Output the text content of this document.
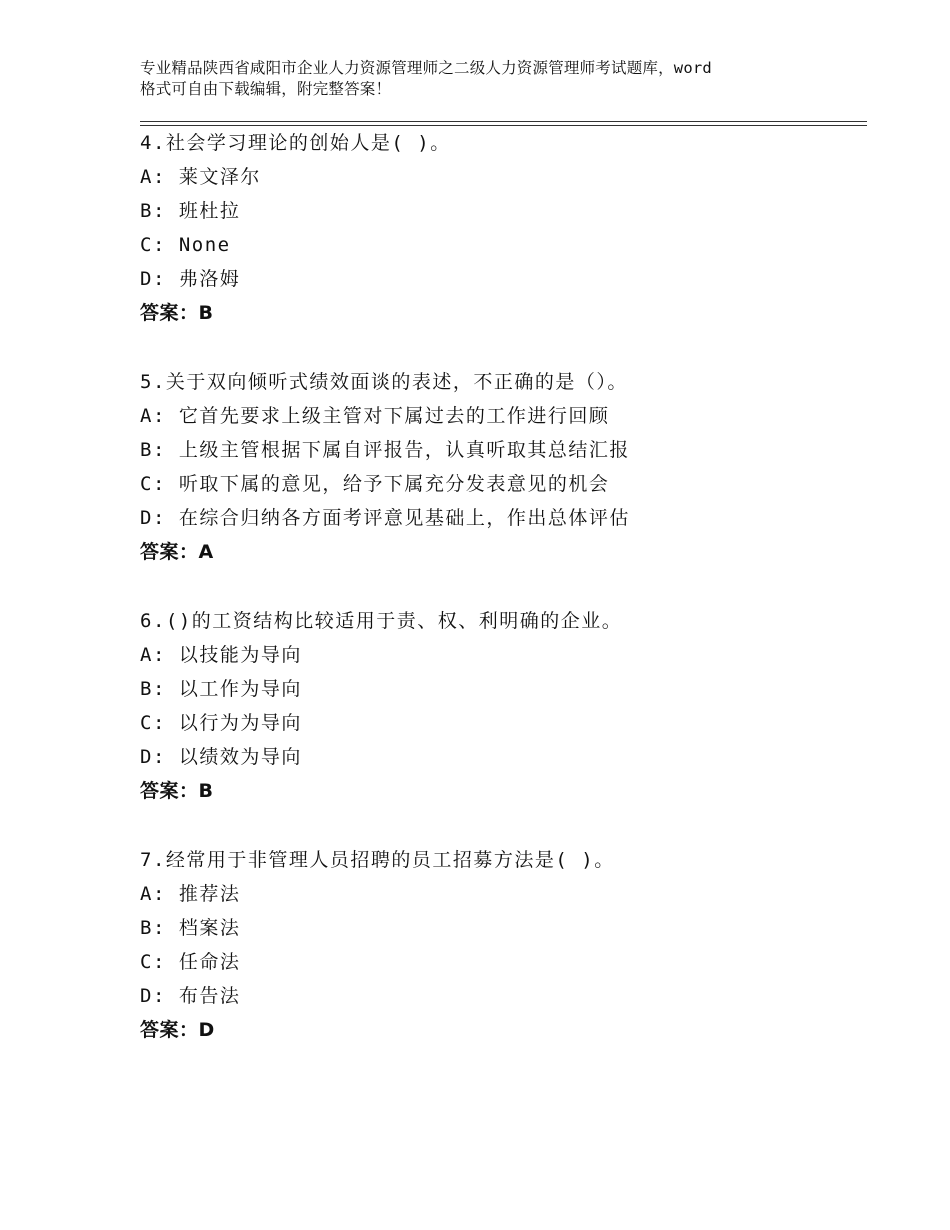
专业精品陕西省咸阳市企业人力资源管理师之二级人力资源管理师考试题库，word
格式可自由下载编辑，附完整答案！
4.社会学习理论的创始人是( )。
A: 莱文泽尔
B: 班杜拉
C: None
D: 弗洛姆
答案：B
5.关于双向倾听式绩效面谈的表述，不正确的是（）。
A: 它首先要求上级主管对下属过去的工作进行回顾
B: 上级主管根据下属自评报告，认真听取其总结汇报
C: 听取下属的意见，给予下属充分发表意见的机会
D: 在综合归纳各方面考评意见基础上，作出总体评估
答案：A
6.()的工资结构比较适用于责、权、利明确的企业。
A: 以技能为导向
B: 以工作为导向
C: 以行为为导向
D: 以绩效为导向
答案：B
7.经常用于非管理人员招聘的员工招募方法是( )。
A: 推荐法
B: 档案法
C: 任命法
D: 布告法
答案：D
